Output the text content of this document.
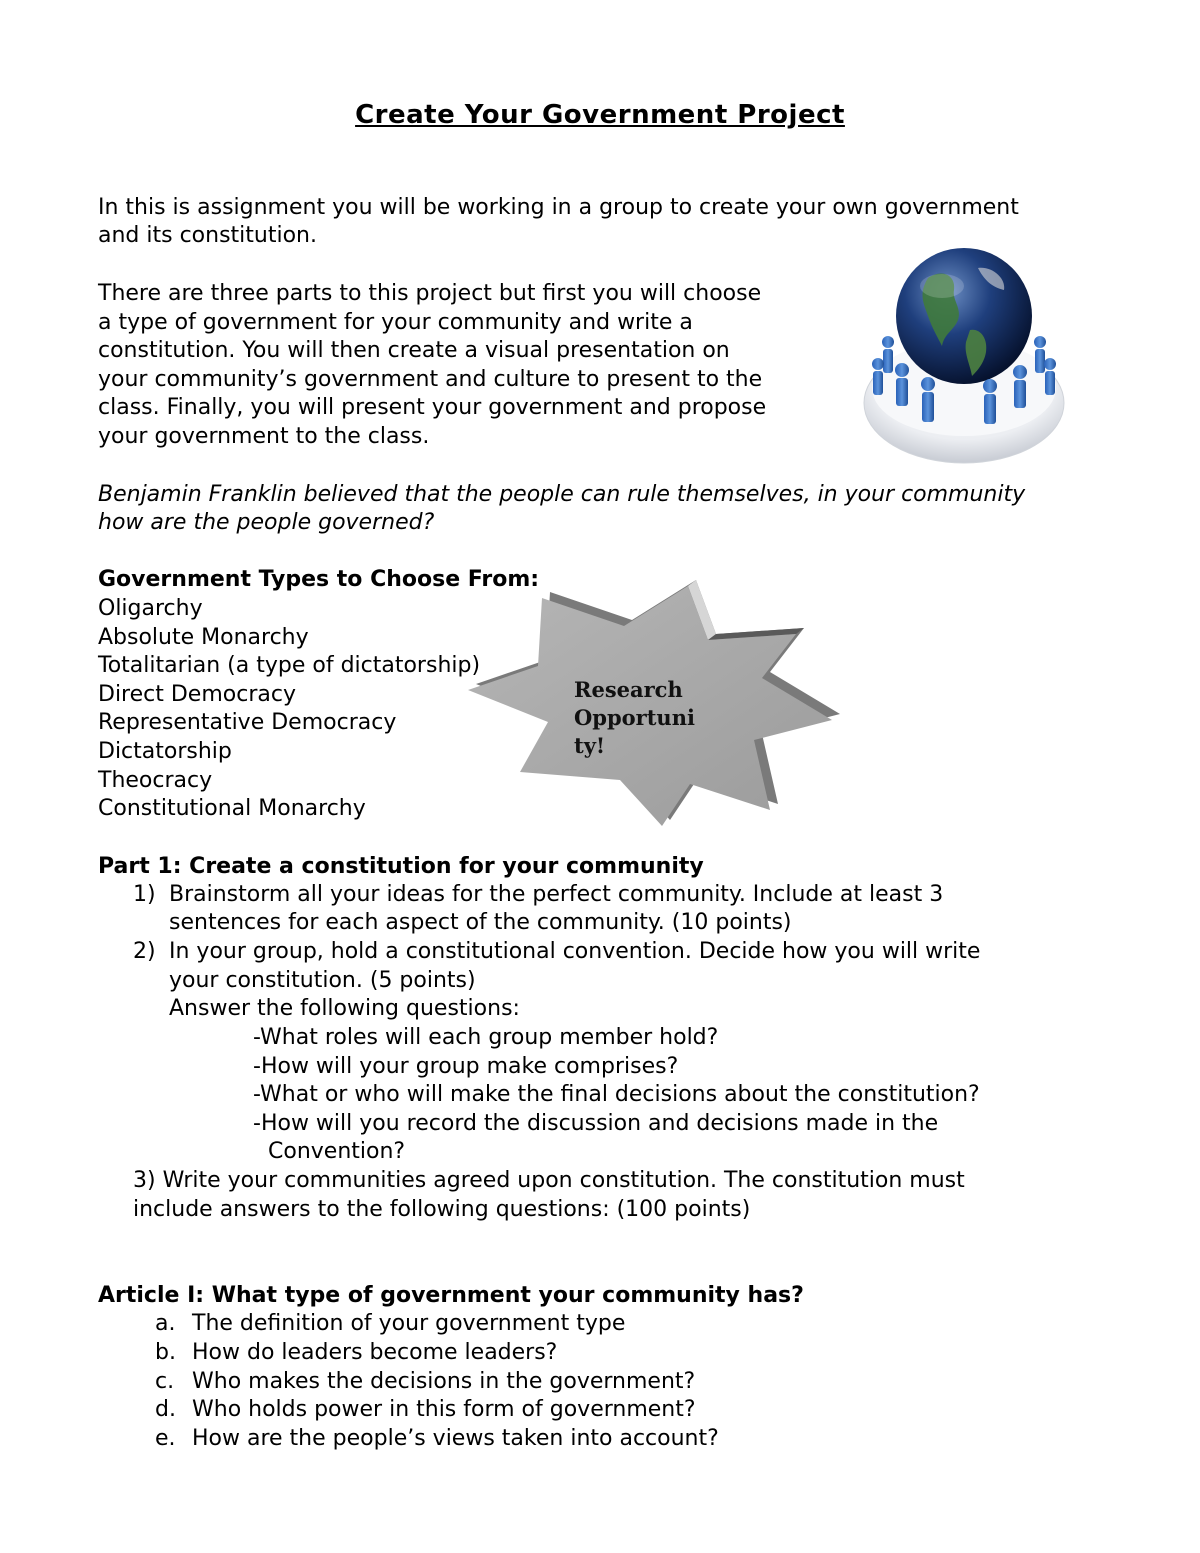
Create Your Government Project
In this is assignment you will be working in a group to create your own government
and its constitution.
There are three parts to this project but first you will choose
a type of government for your community and write a
constitution. You will then create a visual presentation on
your community’s government and culture to present to the
class. Finally, you will present your government and propose
your government to the class.
Benjamin Franklin believed that the people can rule themselves, in your community
how are the people governed?
Research Opportunity!
Government Types to Choose From:
Oligarchy
Absolute Monarchy
Totalitarian (a type of dictatorship)
Direct Democracy
Representative Democracy
Dictatorship
Theocracy
Constitutional Monarchy
Part 1: Create a constitution for your community
1) Brainstorm all your ideas for the perfect community. Include at least 3
sentences for each aspect of the community. (10 points)
2) In your group, hold a constitutional convention. Decide how you will write
your constitution. (5 points)
Answer the following questions:
-What roles will each group member hold?
-How will your group make comprises?
-What or who will make the final decisions about the constitution?
-How will you record the discussion and decisions made in the
Convention?
3) Write your communities agreed upon constitution. The constitution must
include answers to the following questions: (100 points)
Article I: What type of government your community has?
a. The definition of your government type
b. How do leaders become leaders?
c. Who makes the decisions in the government?
d. Who holds power in this form of government?
e. How are the people’s views taken into account?
